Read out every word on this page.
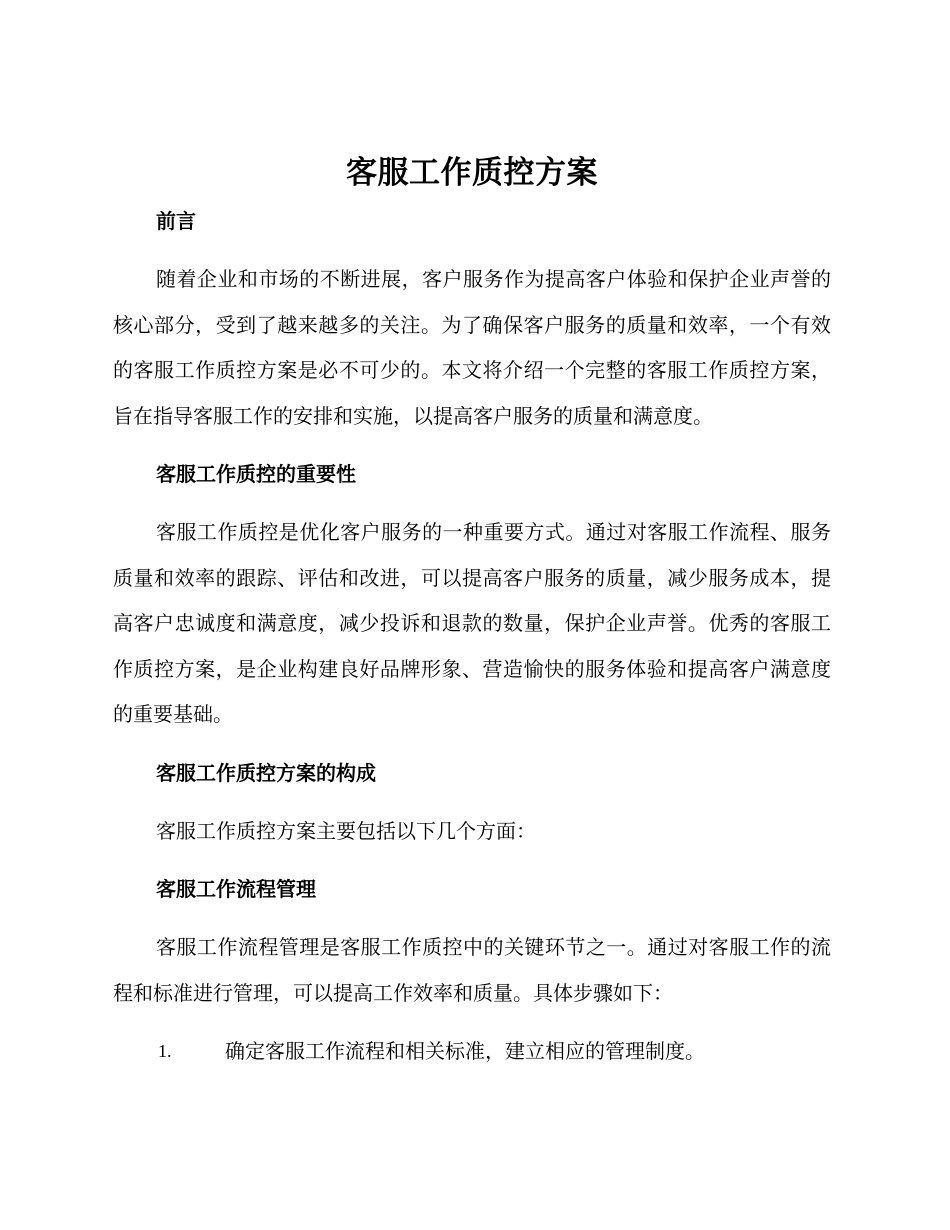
客服工作质控方案
前言

随着企业和市场的不断进展，客户服务作为提高客户体验和保护企业声誉的核心部分，受到了越来越多的关注。为了确保客户服务的质量和效率，一个有效的客服工作质控方案是必不可少的。本文将介绍一个完整的客服工作质控方案，旨在指导客服工作的安排和实施，以提高客户服务的质量和满意度。

客服工作质控的重要性

客服工作质控是优化客户服务的一种重要方式。通过对客服工作流程、服务质量和效率的跟踪、评估和改进，可以提高客户服务的质量，减少服务成本，提高客户忠诚度和满意度，减少投诉和退款的数量，保护企业声誉。优秀的客服工作质控方案，是企业构建良好品牌形象、营造愉快的服务体验和提高客户满意度的重要基础。

客服工作质控方案的构成

客服工作质控方案主要包括以下几个方面：

客服工作流程管理

客服工作流程管理是客服工作质控中的关键环节之一。通过对客服工作的流程和标准进行管理，可以提高工作效率和质量。具体步骤如下：

1.	确定客服工作流程和相关标准，建立相应的管理制度。
